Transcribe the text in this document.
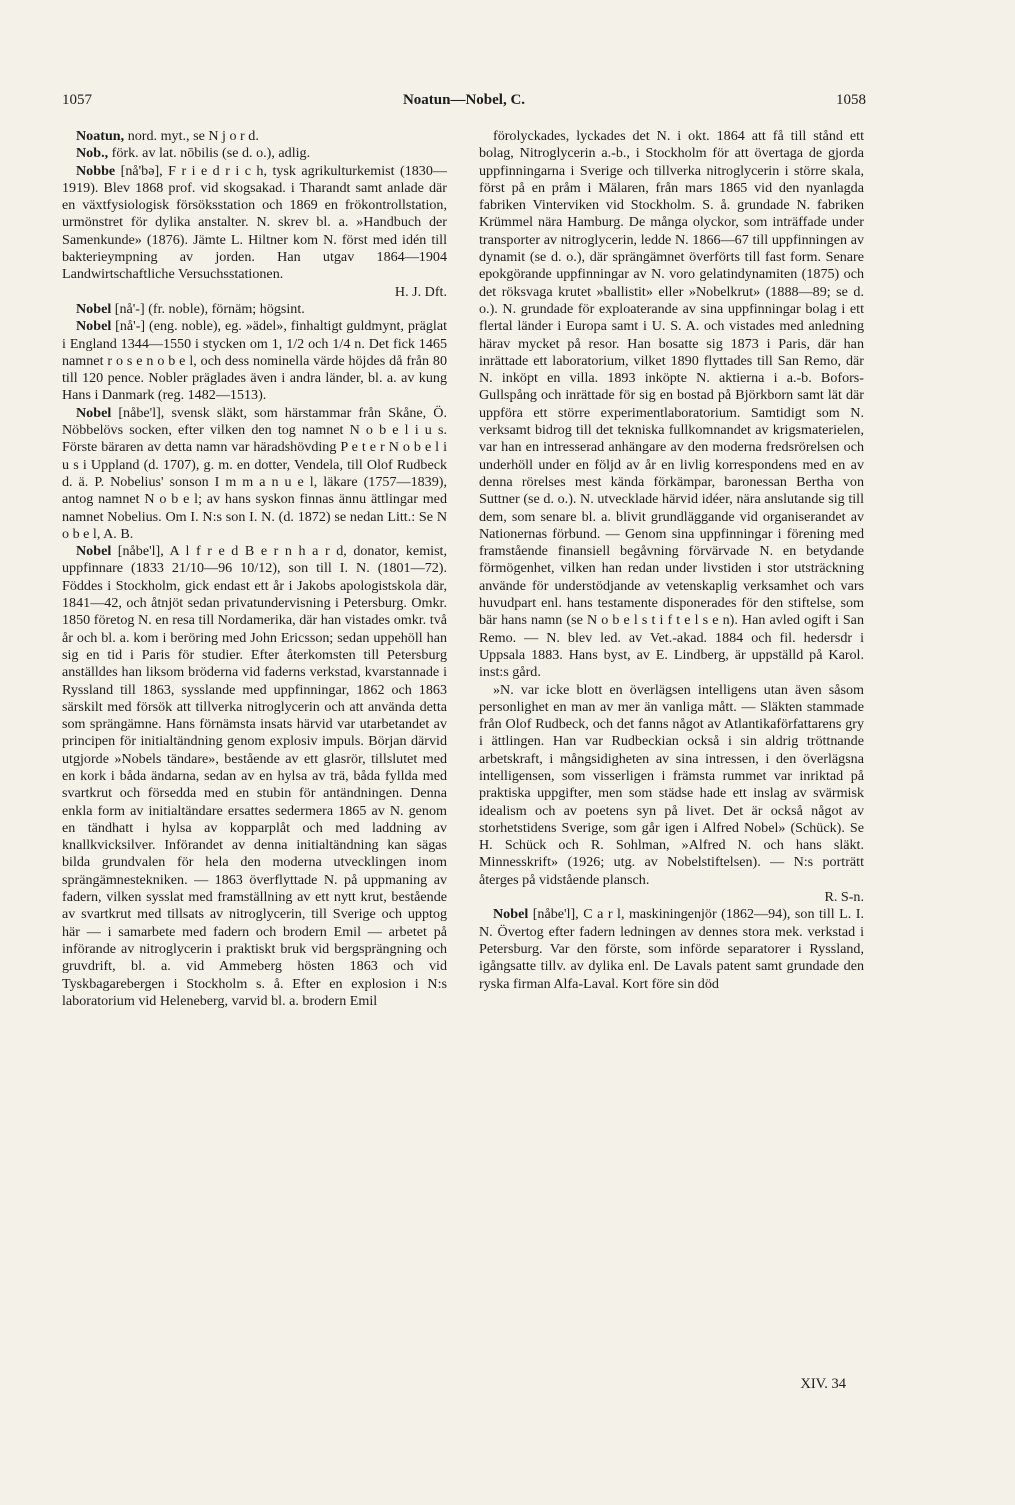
1057	Noatun—Nobel, C.	1058

Noatun, nord. myt., se N j o r d.

Nob., förk. av lat. nōbilis (se d. o.), adlig.

Nobbe [nå'bə], F r i e d r i c h, tysk agrikulturkemist (1830—1919). Blev 1868 prof. vid skogsakad. i Tharandt samt anlade där en växtfysiologisk försöksstation och 1869 en frökontrollstation, urmönstret för dylika anstalter. N. skrev bl. a. »Handbuch der Samenkunde» (1876). Jämte L. Hiltner kom N. först med idén till bakterieympning av jorden. Han utgav 1864—1904 Landwirtschaftliche Versuchsstationen.
H. J. Dft.

Nobel [nå'-] (fr. noble), förnäm; högsint.

Nobel [nå'-] (eng. noble), eg. »ädel», finhaltigt guldmynt, präglat i England 1344—1550 i stycken om 1, 1/2 och 1/4 n. Det fick 1465 namnet r o s e n o b e l, och dess nominella värde höjdes då från 80 till 120 pence. Nobler präglades även i andra länder, bl. a. av kung Hans i Danmark (reg. 1482—1513).

Nobel [nåbe'l], svensk släkt, som härstammar från Skåne, Ö. Nöbbelövs socken, efter vilken den tog namnet N o b e l i u s. Förste bäraren av detta namn var häradshövding P e t e r N o b e l i u s i Uppland (d. 1707), g. m. en dotter, Vendela, till Olof Rudbeck d. ä. P. Nobelius' sonson I m m a n u e l, läkare (1757—1839), antog namnet N o b e l; av hans syskon finnas ännu ättlingar med namnet Nobelius. Om I. N:s son I. N. (d. 1872) se nedan Litt.: Se N o b e l, A. B.

Nobel [nåbe'l], A l f r e d B e r n h a r d, donator, kemist, uppfinnare (1833 21/10—96 10/12), son till I. N. (1801—72). Föddes i Stockholm, gick endast ett år i Jakobs apologistskola där, 1841—42, och åtnjöt sedan privatundervisning i Petersburg. Omkr. 1850 företog N. en resa till Nordamerika, där han vistades omkr. två år och bl. a. kom i beröring med John Ericsson; sedan uppehöll han sig en tid i Paris för studier. Efter återkomsten till Petersburg anställdes han liksom bröderna vid faderns verkstad, kvarstannade i Ryssland till 1863, sysslande med uppfinningar, 1862 och 1863 särskilt med försök att tillverka nitroglycerin och att använda detta som sprängämne. Hans förnämsta insats härvid var utarbetandet av principen för initialtändning genom explosiv impuls. Början därvid utgjorde »Nobels tändare», bestående av ett glasrör, tillslutet med en kork i båda ändarna, sedan av en hylsa av trä, båda fyllda med svartkrut och försedda med en stubin för antändningen. Denna enkla form av initialtändare ersattes sedermera 1865 av N. genom en tändhatt i hylsa av kopparplåt och med laddning av knallkvicksilver. Införandet av denna initialtändning kan sägas bilda grundvalen för hela den moderna utvecklingen inom sprängämnestekniken. — 1863 överflyttade N. på uppmaning av fadern, vilken sysslat med framställning av ett nytt krut, bestående av svartkrut med tillsats av nitroglycerin, till Sverige och upptog här — i samarbete med fadern och brodern Emil — arbetet på införande av nitroglycerin i praktiskt bruk vid bergsprängning och gruvdrift, bl. a. vid Ammeberg hösten 1863 och vid Tyskbagarebergen i Stockholm s. å. Efter en explosion i N:s laboratorium vid Heleneberg, varvid bl. a. brodern Emil

förolyckades, lyckades det N. i okt. 1864 att få till stånd ett bolag, Nitroglycerin a.-b., i Stockholm för att övertaga de gjorda uppfinningarna i Sverige och tillverka nitroglycerin i större skala, först på en pråm i Mälaren, från mars 1865 vid den nyanlagda fabriken Vinterviken vid Stockholm. S. å. grundade N. fabriken Krümmel nära Hamburg. De många olyckor, som inträffade under transporter av nitroglycerin, ledde N. 1866—67 till uppfinningen av dynamit (se d. o.), där sprängämnet överförts till fast form. Senare epokgörande uppfinningar av N. voro gelatindynamiten (1875) och det röksvaga krutet »ballistit» eller »Nobelkrut» (1888—89; se d. o.). N. grundade för exploaterande av sina uppfinningar bolag i ett flertal länder i Europa samt i U. S. A. och vistades med anledning härav mycket på resor. Han bosatte sig 1873 i Paris, där han inrättade ett laboratorium, vilket 1890 flyttades till San Remo, där N. inköpt en villa. 1893 inköpte N. aktierna i a.-b. Bofors-Gullspång och inrättade för sig en bostad på Björkborn samt lät där uppföra ett större experimentlaboratorium. Samtidigt som N. verksamt bidrog till det tekniska fullkomnandet av krigsmaterielen, var han en intresserad anhängare av den moderna fredsrörelsen och underhöll under en följd av år en livlig korrespondens med en av denna rörelses mest kända förkämpar, baronessan Bertha von Suttner (se d. o.). N. utvecklade härvid idéer, nära anslutande sig till dem, som senare bl. a. blivit grundläggande vid organiserandet av Nationernas förbund. — Genom sina uppfinningar i förening med framstående finansiell begåvning förvärvade N. en betydande förmögenhet, vilken han redan under livstiden i stor utsträckning använde för understödjande av vetenskaplig verksamhet och vars huvudpart enl. hans testamente disponerades för den stiftelse, som bär hans namn (se N o b e l s t i f t e l s e n). Han avled ogift i San Remo. — N. blev led. av Vet.-akad. 1884 och fil. hedersdr i Uppsala 1883. Hans byst, av E. Lindberg, är uppställd på Karol. inst:s gård.

»N. var icke blott en överlägsen intelligens utan även såsom personlighet en man av mer än vanliga mått. — Släkten stammade från Olof Rudbeck, och det fanns något av Atlantikaförfattarens gry i ättlingen. Han var Rudbeckian också i sin aldrig tröttnande arbetskraft, i mångsidigheten av sina intressen, i den överlägsna intelligensen, som visserligen i främsta rummet var inriktad på praktiska uppgifter, men som städse hade ett inslag av svärmisk idealism och av poetens syn på livet. Det är också något av storhetstidens Sverige, som går igen i Alfred Nobel» (Schück). Se H. Schück och R. Sohlman, »Alfred N. och hans släkt. Minnesskrift» (1926; utg. av Nobelstiftelsen). — N:s porträtt återges på vidstående plansch.
R. S-n.

Nobel [nåbe'l], C a r l, maskiningenjör (1862—94), son till L. I. N. Övertog efter fadern ledningen av dennes stora mek. verkstad i Petersburg. Var den förste, som införde separatorer i Ryssland, igångsatte tillv. av dylika enl. De Lavals patent samt grundade den ryska firman Alfa-Laval. Kort före sin död

XIV. 34
